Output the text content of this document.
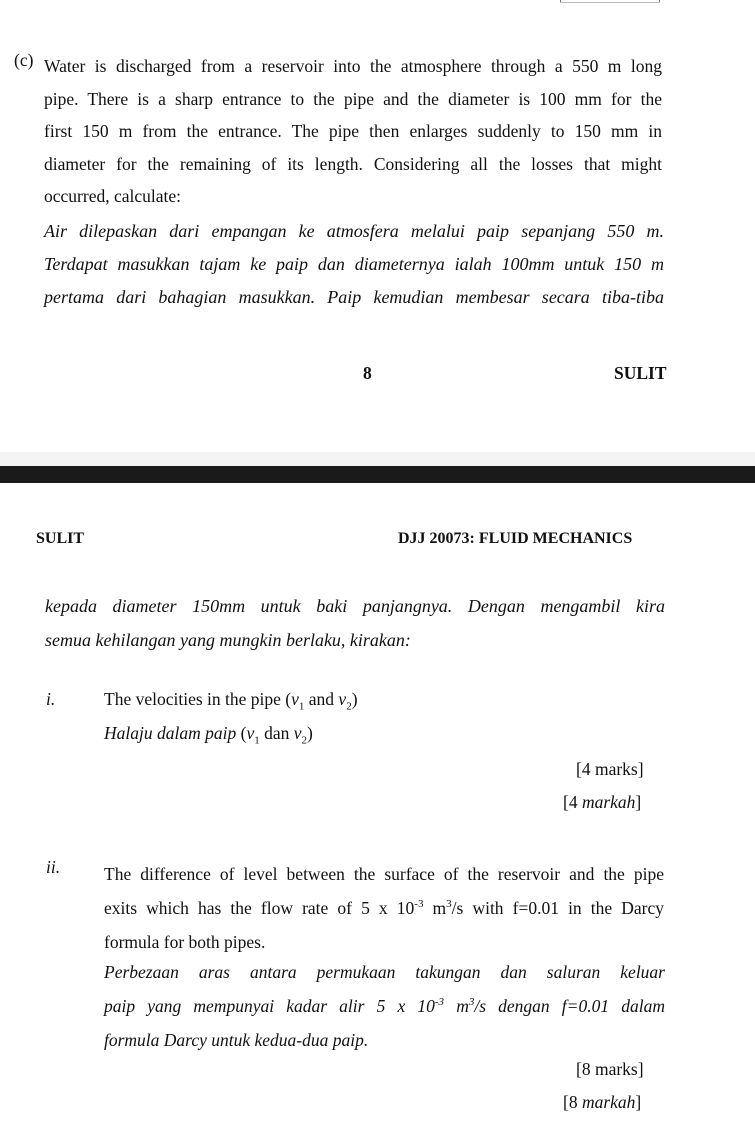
(c) Water is discharged from a reservoir into the atmosphere through a 550 m long
pipe. There is a sharp entrance to the pipe and the diameter is 100 mm for the
first 150 m from the entrance. The pipe then enlarges suddenly to 150 mm in
diameter for the remaining of its length. Considering all the losses that might
occurred, calculate:
Air dilepaskan dari empangan ke atmosfera melalui paip sepanjang 550 m.
Terdapat masukkan tajam ke paip dan diameternya ialah 100mm untuk 150 m
pertama dari bahagian masukkan. Paip kemudian membesar secara tiba-tiba
8	SULIT
SULIT	DJJ 20073: FLUID MECHANICS
kepada diameter 150mm untuk baki panjangnya. Dengan mengambil kira
semua kehilangan yang mungkin berlaku, kirakan:
i.	The velocities in the pipe ($v_1$ and $v_2$)
Halaju dalam paip ($v_1$ dan $v_2$)
[4 marks]
[4 markah]
ii.	The difference of level between the surface of the reservoir and the pipe
exits which has the flow rate of 5 x $10^{-3}$ $m^3/s$ with f=0.01 in the Darcy
formula for both pipes.
Perbezaan aras antara permukaan takungan dan saluran keluar
paip yang mempunyai kadar alir 5 x $10^{-3}$ $m^3/s$ dengan f=0.01 dalam
formula Darcy untuk kedua-dua paip.
[8 marks]
[8 markah]
